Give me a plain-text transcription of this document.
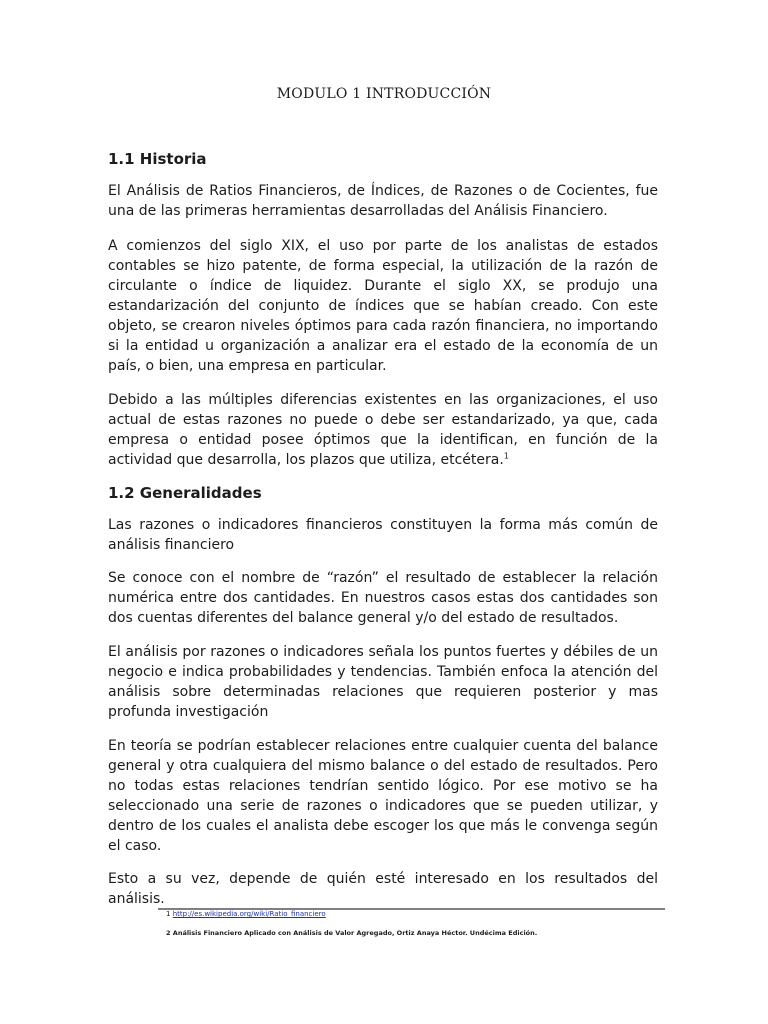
MODULO 1 INTRODUCCIÓN
1.1 Historia
El Análisis de Ratios Financieros, de Índices, de Razones o de Cocientes, fue una de las primeras herramientas desarrolladas del Análisis Financiero.
A comienzos del siglo XIX, el uso por parte de los analistas de estados contables se hizo patente, de forma especial, la utilización de la razón de circulante o índice de liquidez. Durante el siglo XX, se produjo una estandarización del conjunto de índices que se habían creado. Con este objeto, se crearon niveles óptimos para cada razón financiera, no importando si la entidad u organización a analizar era el estado de la economía de un país, o bien, una empresa en particular.
Debido a las múltiples diferencias existentes en las organizaciones, el uso actual de estas razones no puede o debe ser estandarizado, ya que, cada empresa o entidad posee óptimos que la identifican, en función de la actividad que desarrolla, los plazos que utiliza, etcétera.$^1$
1.2 Generalidades
Las razones o indicadores financieros constituyen la forma más común de análisis financiero
Se conoce con el nombre de “razón” el resultado de establecer la relación numérica entre dos cantidades. En nuestros casos estas dos cantidades son dos cuentas diferentes del balance general y/o del estado de resultados.
El análisis por razones o indicadores señala los puntos fuertes y débiles de un negocio e indica probabilidades y tendencias. También enfoca la atención del análisis sobre determinadas relaciones que requieren posterior y mas profunda investigación
En teoría se podrían establecer relaciones entre cualquier cuenta del balance general y otra cualquiera del mismo balance o del estado de resultados. Pero no todas estas relaciones tendrían sentido lógico. Por ese motivo se ha seleccionado una serie de razones o indicadores que se pueden utilizar, y dentro de los cuales el analista debe escoger los que más le convenga según el caso.
Esto a su vez, depende de quién esté interesado en los resultados del análisis.
1 http://es.wikipedia.org/wiki/Ratio_financiero
2 Análisis Financiero Aplicado con Análisis de Valor Agregado, Ortiz Anaya Héctor. Undécima Edición.
